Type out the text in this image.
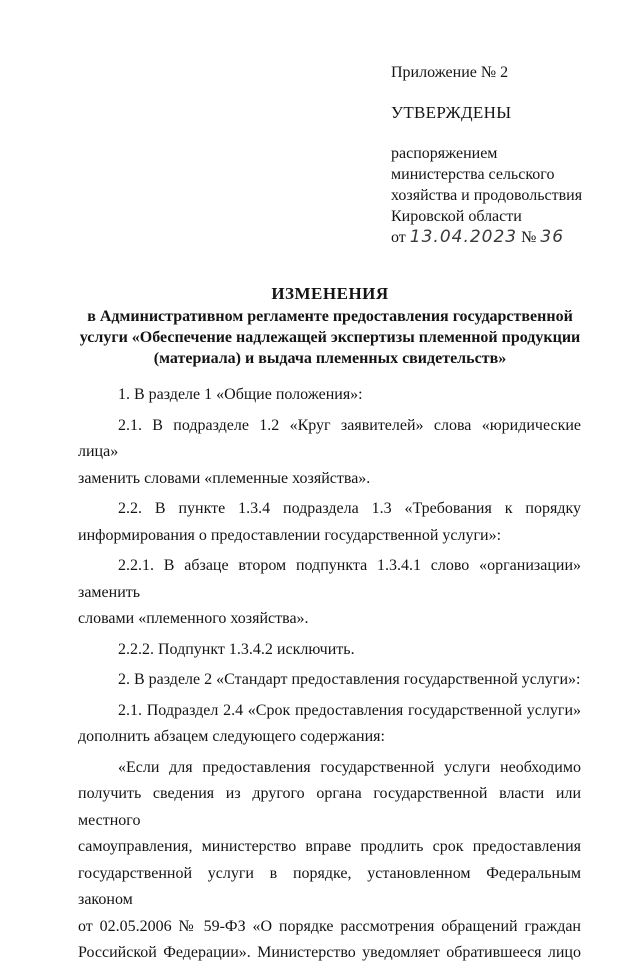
Приложение № 2
УТВЕРЖДЕНЫ
распоряжением
министерства сельского
хозяйства и продовольствия
Кировской области
от 13.04.2023 № 36
ИЗМЕНЕНИЯ
в Административном регламенте предоставления государственной
услуги «Обеспечение надлежащей экспертизы племенной продукции
(материала) и выдача племенных свидетельств»

1. В разделе 1 «Общие положения»:

2.1. В подразделе 1.2 «Круг заявителей» слова «юридические лица»

заменить словами «племенные хозяйства».

2.2. В пункте 1.3.4 подраздела 1.3 «Требования к порядку

информирования о предоставлении государственной услуги»:

2.2.1. В абзаце втором подпункта 1.3.4.1 слово «организации» заменить

словами «племенного хозяйства».

2.2.2. Подпункт 1.3.4.2 исключить.

2. В разделе 2 «Стандарт предоставления государственной услуги»:

2.1. Подраздел 2.4 «Срок предоставления государственной услуги»

дополнить абзацем следующего содержания:

«Если для предоставления государственной услуги необходимо

получить сведения из другого органа государственной власти или местного

самоуправления, министерство вправе продлить срок предоставления

государственной услуги в порядке, установленном Федеральным законом

от 02.05.2006 № 59-ФЗ «О порядке рассмотрения обращений граждан

Российской Федерации». Министерство уведомляет обратившееся лицо
